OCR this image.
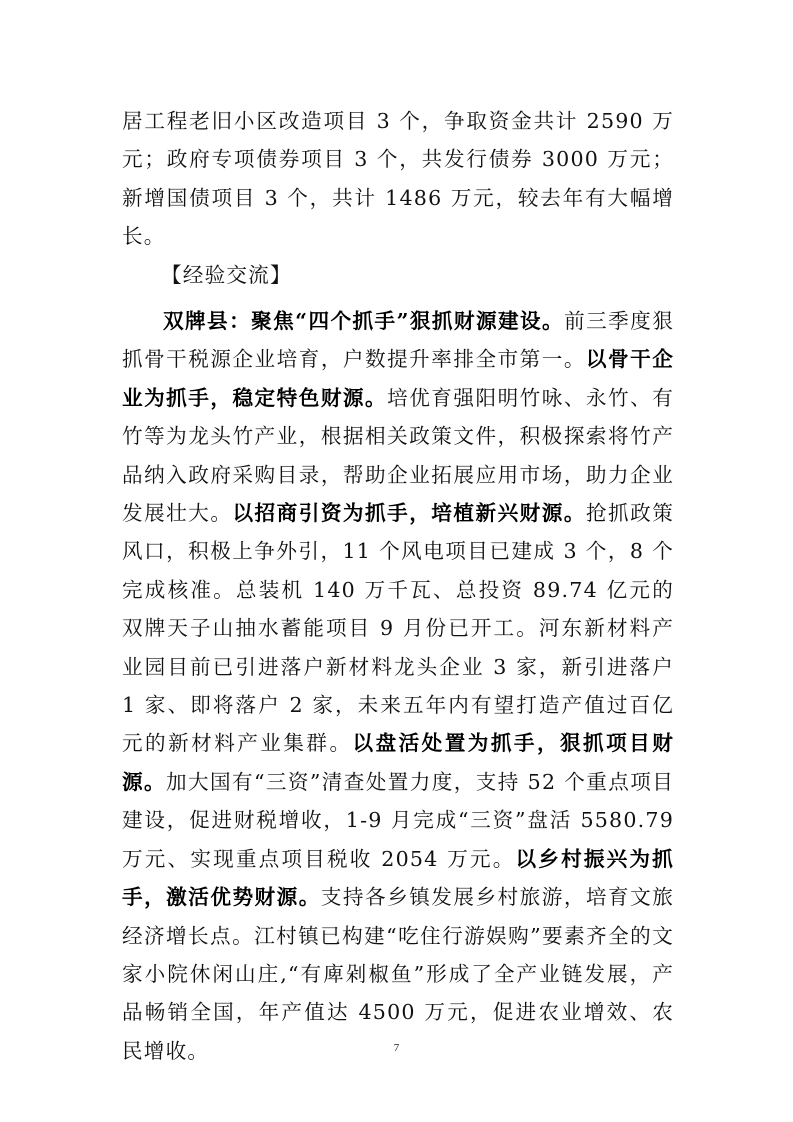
居工程老旧小区改造项目 3 个，争取资金共计 2590 万元；政府专项债券项目 3 个，共发行债券 3000 万元；新增国债项目 3 个，共计 1486 万元，较去年有大幅增长。

【经验交流】

双牌县：聚焦“四个抓手”狠抓财源建设。前三季度狠抓骨干税源企业培育，户数提升率排全市第一。以骨干企业为抓手，稳定特色财源。培优育强阳明竹咏、永竹、有竹等为龙头竹产业，根据相关政策文件，积极探索将竹产品纳入政府采购目录，帮助企业拓展应用市场，助力企业发展壮大。以招商引资为抓手，培植新兴财源。抢抓政策风口，积极上争外引，11 个风电项目已建成 3 个，8 个完成核准。总装机 140 万千瓦、总投资 89.74 亿元的双牌天子山抽水蓄能项目 9 月份已开工。河东新材料产业园目前已引进落户新材料龙头企业 3 家，新引进落户 1 家、即将落户 2 家，未来五年内有望打造产值过百亿元的新材料产业集群。以盘活处置为抓手，狠抓项目财源。加大国有“三资”清查处置力度，支持 52 个重点项目建设，促进财税增收，1-9 月完成“三资”盘活 5580.79 万元、实现重点项目税收 2054 万元。以乡村振兴为抓手，激活优势财源。支持各乡镇发展乡村旅游，培育文旅经济增长点。江村镇已构建“吃住行游娱购”要素齐全的文家小院休闲山庄,“有庳剁椒鱼”形成了全产业链发展，产品畅销全国，年产值达 4500 万元，促进农业增效、农民增收。	7
